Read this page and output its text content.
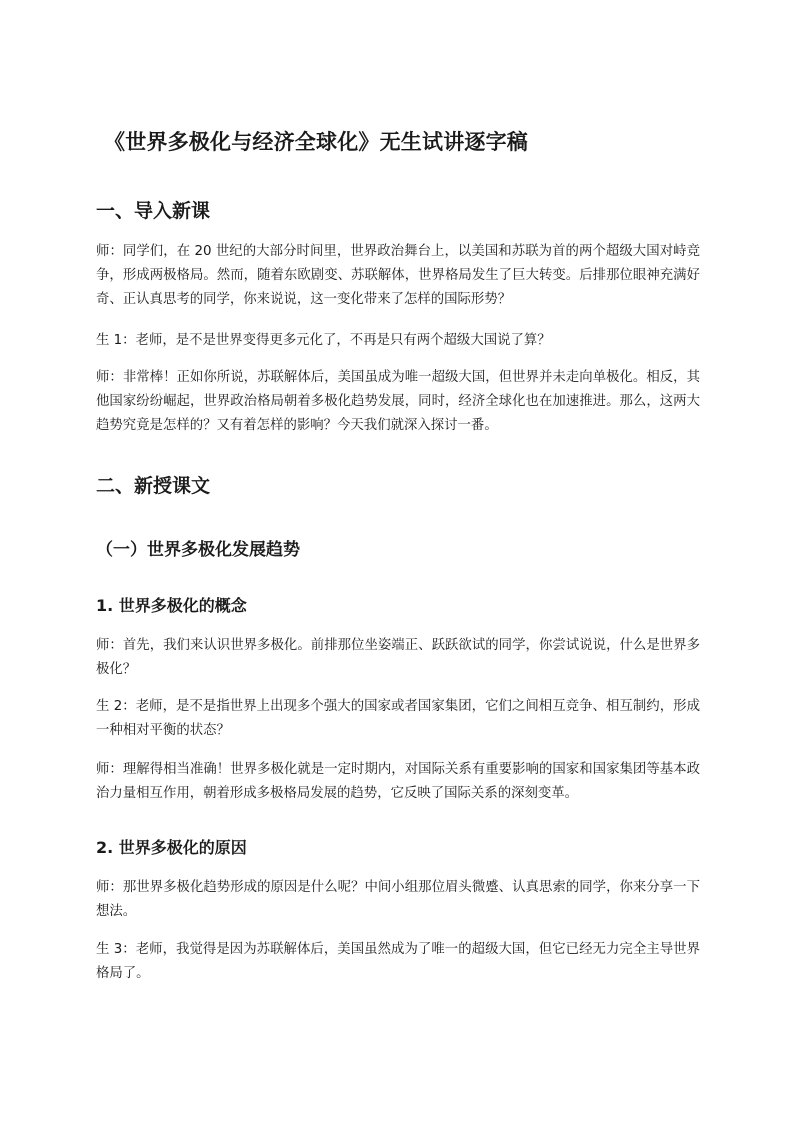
《世界多极化与经济全球化》无生试讲逐字稿
一、导入新课

师：同学们，在 20 世纪的大部分时间里，世界政治舞台上，以美国和苏联为首的两个超级大国对峙竞争，形成两极格局。然而，随着东欧剧变、苏联解体，世界格局发生了巨大转变。后排那位眼神充满好奇、正认真思考的同学，你来说说，这一变化带来了怎样的国际形势？

生 1：老师，是不是世界变得更多元化了，不再是只有两个超级大国说了算？

师：非常棒！正如你所说，苏联解体后，美国虽成为唯一超级大国，但世界并未走向单极化。相反，其他国家纷纷崛起，世界政治格局朝着多极化趋势发展，同时，经济全球化也在加速推进。那么，这两大趋势究竟是怎样的？又有着怎样的影响？今天我们就深入探讨一番。

二、新授课文
（一）世界多极化发展趋势
1. 世界多极化的概念

师：首先，我们来认识世界多极化。前排那位坐姿端正、跃跃欲试的同学，你尝试说说，什么是世界多极化？

生 2：老师，是不是指世界上出现多个强大的国家或者国家集团，它们之间相互竞争、相互制约，形成一种相对平衡的状态？

师：理解得相当准确！世界多极化就是一定时期内，对国际关系有重要影响的国家和国家集团等基本政治力量相互作用，朝着形成多极格局发展的趋势，它反映了国际关系的深刻变革。

2. 世界多极化的原因

师：那世界多极化趋势形成的原因是什么呢？中间小组那位眉头微蹙、认真思索的同学，你来分享一下想法。

生 3：老师，我觉得是因为苏联解体后，美国虽然成为了唯一的超级大国，但它已经无力完全主导世界格局了。
